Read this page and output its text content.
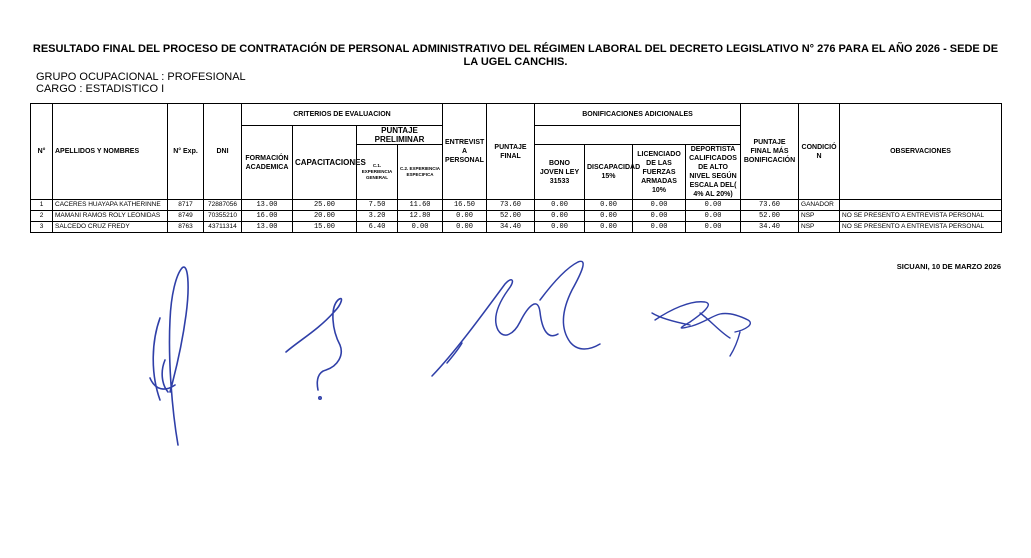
RESULTADO FINAL DEL PROCESO DE CONTRATACIÓN DE PERSONAL ADMINISTRATIVO DEL RÉGIMEN LABORAL DEL DECRETO LEGISLATIVO N° 276 PARA EL AÑO 2026 - SEDE DE LA UGEL CANCHIS.
GRUPO OCUPACIONAL : PROFESIONAL
CARGO : ESTADISTICO I
N°	APELLIDOS Y NOMBRES	N° Exp.	DNI	CRITERIOS DE EVALUACION				ENTREVIST A PERSONAL	PUNTAJE FINAL	BONIFICACIONES ADICIONALES				PUNTAJE FINAL MÁS BONIFICACIÓN	CONDICIÓ N	OBSERVACIONES
				FORMACIÓN ACADEMICA	CAPACITACIONES	PUNTAJE PRELIMINAR										
						C.1. EXPERIENCIA GENERAL	C.2. EXPERIENCIA ESPECIFICA			BONO JOVEN LEY 31533	DISCAPACIDAD 15%	LICENCIADO DE LAS FUERZAS ARMADAS 10%	DEPORTISTA CALIFICADOS DE ALTO NIVEL SEGÚN ESCALA DEL( 4% AL 20%)			
1	CACERES HUAYAPA KATHERINNE	8717	72887056	13.00	25.00	7.50	11.60	16.50	73.60	0.00	0.00	0.00	0.00	73.60	GANADOR	
2	MAMANI RAMOS ROLY LEONIDAS	8749	70355210	16.00	20.00	3.20	12.80	0.00	52.00	0.00	0.00	0.00	0.00	52.00	NSP	NO SE PRESENTO A ENTREVISTA PERSONAL
3	SALCEDO CRUZ FREDY	8763	43711314	13.00	15.00	6.40	0.00	0.00	34.40	0.00	0.00	0.00	0.00	34.40	NSP	NO SE PRESENTO A ENTREVISTA PERSONAL
SICUANI, 10 DE MARZO 2026
